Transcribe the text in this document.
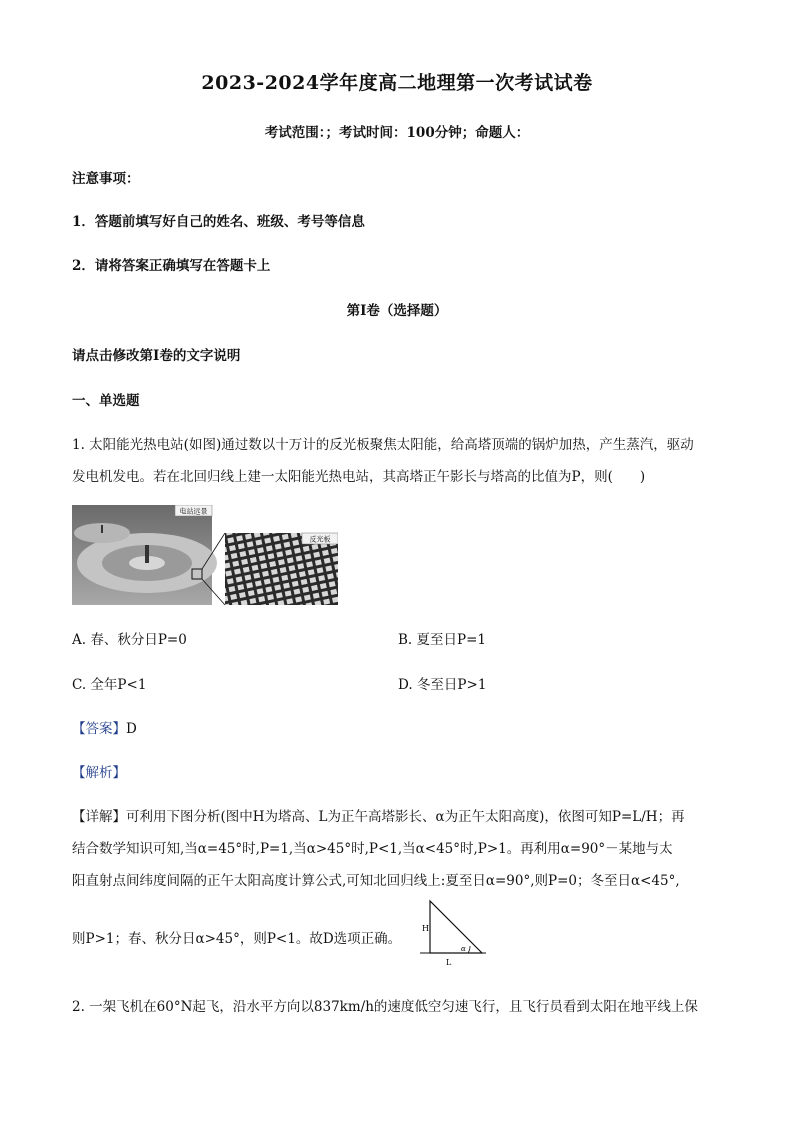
2023-2024学年度高二地理第一次考试试卷
考试范围：；考试时间：100分钟；命题人：
注意事项：
1．答题前填写好自己的姓名、班级、考号等信息
2．请将答案正确填写在答题卡上
第I卷（选择题）
请点击修改第I卷的文字说明
一、单选题
1. 太阳能光热电站(如图)通过数以十万计的反光板聚焦太阳能，给高塔顶端的锅炉加热，产生蒸汽，驱动
发电机发电。若在北回归线上建一太阳能光热电站，其高塔正午影长与塔高的比值为P，则(　　)
电站远景
反光板
A. 春、秋分日P=0	B. 夏至日P=1
C. 全年P<1	D. 冬至日P>1
【答案】D
【解析】
【详解】可利用下图分析(图中H为塔高、L为正午高塔影长、α为正午太阳高度)，依图可知P=L/H；再
结合数学知识可知,当α=45°时,P=1,当α>45°时,P<1,当α<45°时,P>1。再利用α=90°－某地与太
阳直射点间纬度间隔的正午太阳高度计算公式,可知北回归线上:夏至日α=90°,则P=0；冬至日α<45°,
则P>1；春、秋分日α>45°，则P<1。故D选项正确。
H
α
L
2. 一架飞机在60°N起飞，沿水平方向以837km/h的速度低空匀速飞行，且飞行员看到太阳在地平线上保
